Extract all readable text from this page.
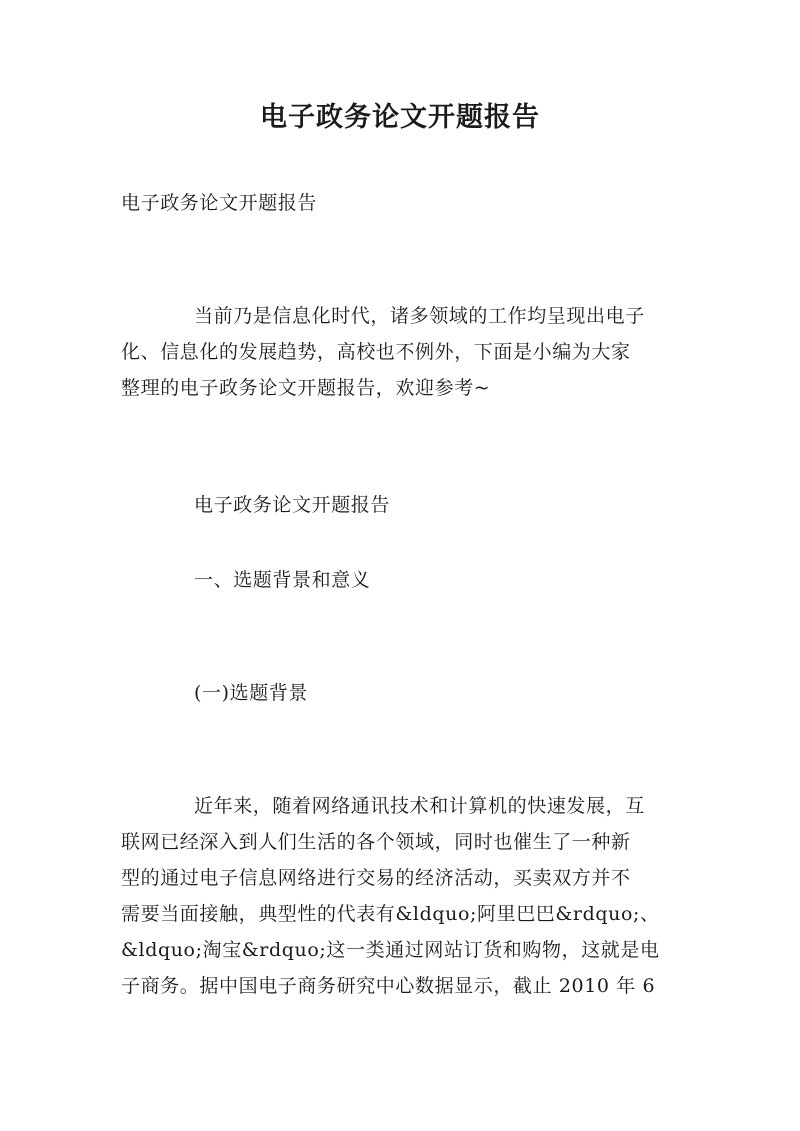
电子政务论文开题报告

电子政务论文开题报告

当前乃是信息化时代，诸多领域的工作均呈现出电子
化、信息化的发展趋势，高校也不例外，下面是小编为大家
整理的电子政务论文开题报告，欢迎参考~

电子政务论文开题报告

一、选题背景和意义

(一)选题背景

近年来，随着网络通讯技术和计算机的快速发展，互
联网已经深入到人们生活的各个领域，同时也催生了一种新
型的通过电子信息网络进行交易的经济活动，买卖双方并不
需要当面接触，典型性的代表有&ldquo;阿里巴巴&rdquo;、
&ldquo;淘宝&rdquo;这一类通过网站订货和购物，这就是电
子商务。据中国电子商务研究中心数据显示，截止 2010 年 6
